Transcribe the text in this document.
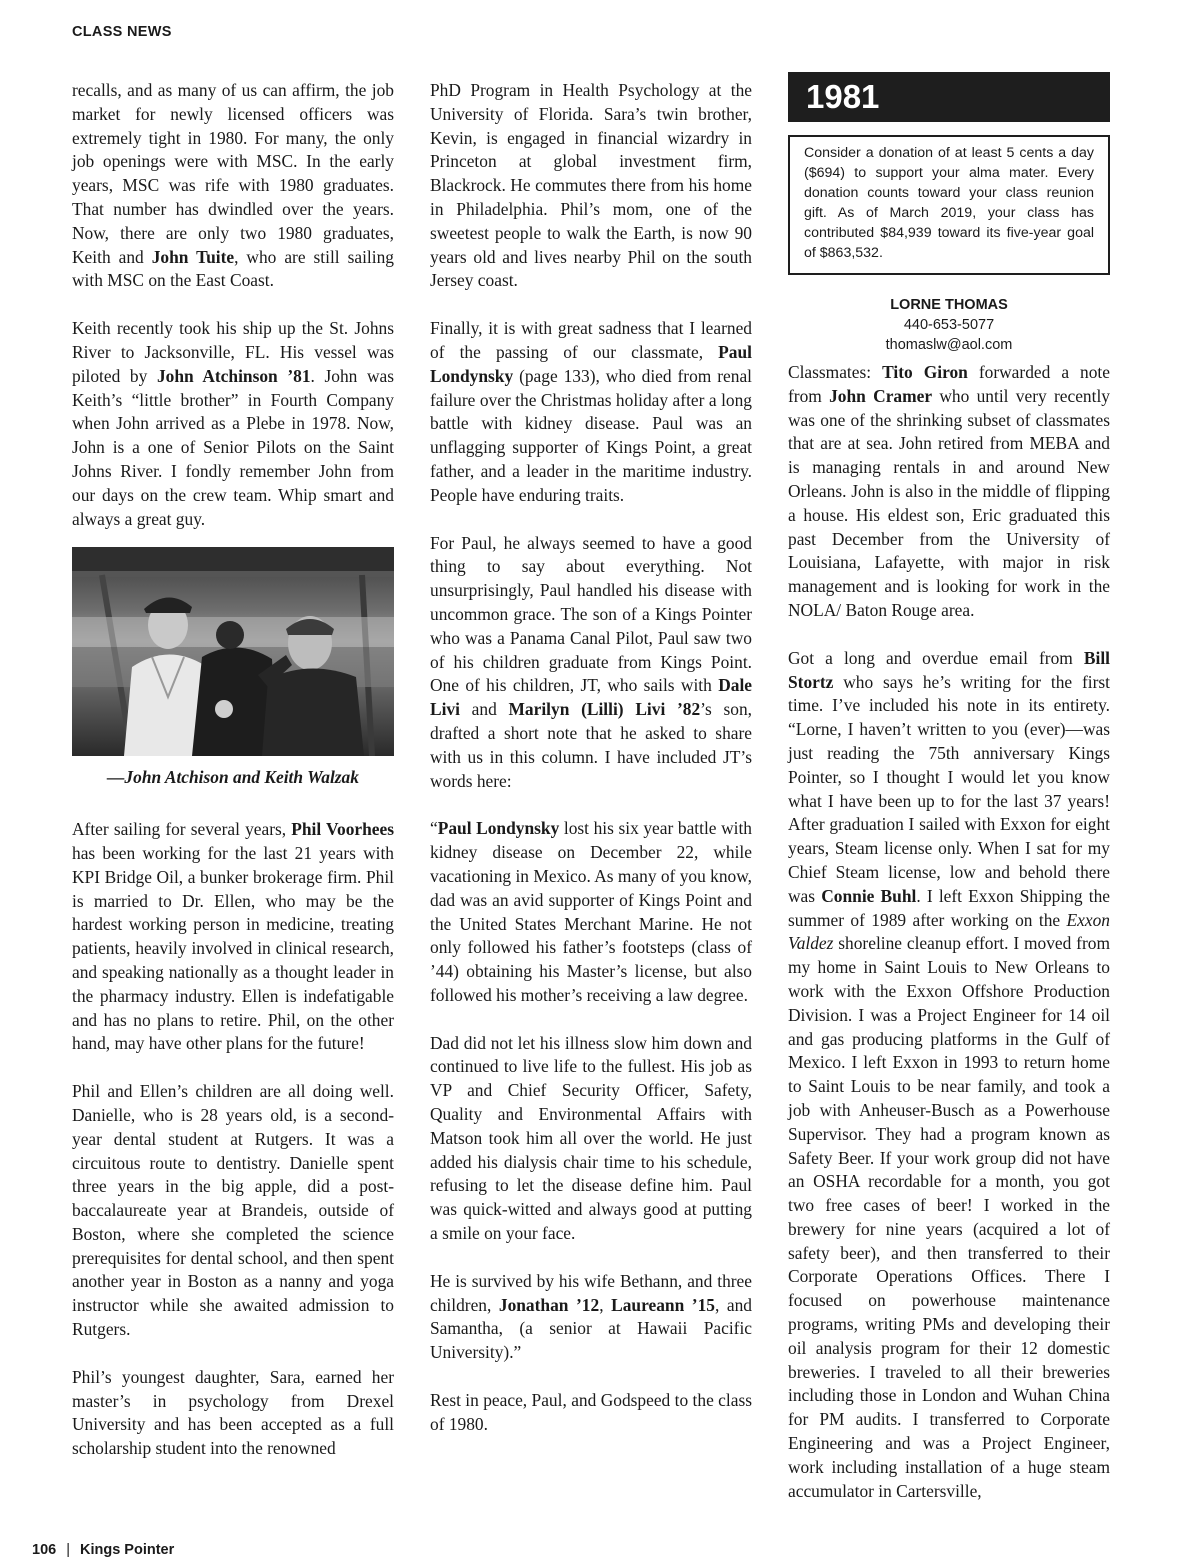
CLASS NEWS

recalls, and as many of us can affirm, the job market for newly licensed officers was extremely tight in 1980. For many, the only job openings were with MSC. In the early years, MSC was rife with 1980 graduates. That number has dwindled over the years. Now, there are only two 1980 graduates, Keith and John Tuite, who are still sailing with MSC on the East Coast.

Keith recently took his ship up the St. Johns River to Jacksonville, FL. His vessel was piloted by John Atchinson ’81. John was Keith’s “little brother” in Fourth Company when John arrived as a Plebe in 1978. Now, John is a one of Senior Pilots on the Saint Johns River. I fondly remember John from our days on the crew team. Whip smart and always a great guy.

—John Atchison and Keith Walzak

After sailing for several years, Phil Voorhees has been working for the last 21 years with KPI Bridge Oil, a bunker brokerage firm. Phil is married to Dr. Ellen, who may be the hardest working person in medicine, treating patients, heavily involved in clinical research, and speaking nationally as a thought leader in the pharmacy industry. Ellen is indefatigable and has no plans to retire. Phil, on the other hand, may have other plans for the future!

Phil and Ellen’s children are all doing well. Danielle, who is 28 years old, is a second-year dental student at Rutgers. It was a circuitous route to dentistry. Danielle spent three years in the big apple, did a post-baccalaureate year at Brandeis, outside of Boston, where she completed the science prerequisites for dental school, and then spent another year in Boston as a nanny and yoga instructor while she awaited admission to Rutgers.

Phil’s youngest daughter, Sara, earned her master’s in psychology from Drexel University and has been accepted as a full scholarship student into the renowned

PhD Program in Health Psychology at the University of Florida. Sara’s twin brother, Kevin, is engaged in financial wizardry in Princeton at global investment firm, Blackrock. He commutes there from his home in Philadelphia. Phil’s mom, one of the sweetest people to walk the Earth, is now 90 years old and lives nearby Phil on the south Jersey coast.

Finally, it is with great sadness that I learned of the passing of our classmate, Paul Londynsky (page 133), who died from renal failure over the Christmas holiday after a long battle with kidney disease. Paul was an unflagging supporter of Kings Point, a great father, and a leader in the maritime industry. People have enduring traits.

For Paul, he always seemed to have a good thing to say about everything. Not unsurprisingly, Paul handled his disease with uncommon grace. The son of a Kings Pointer who was a Panama Canal Pilot, Paul saw two of his children graduate from Kings Point. One of his children, JT, who sails with Dale Livi and Marilyn (Lilli) Livi ’82’s son, drafted a short note that he asked to share with us in this column. I have included JT’s words here:

“Paul Londynsky lost his six year battle with kidney disease on December 22, while vacationing in Mexico. As many of you know, dad was an avid supporter of Kings Point and the United States Merchant Marine. He not only followed his father’s footsteps (class of ’44) obtaining his Master’s license, but also followed his mother’s receiving a law degree.

Dad did not let his illness slow him down and continued to live life to the fullest. His job as VP and Chief Security Officer, Safety, Quality and Environmental Affairs with Matson took him all over the world. He just added his dialysis chair time to his schedule, refusing to let the disease define him. Paul was quick-witted and always good at putting a smile on your face.

He is survived by his wife Bethann, and three children, Jonathan ’12, Laureann ’15, and Samantha, (a senior at Hawaii Pacific University).”

Rest in peace, Paul, and Godspeed to the class of 1980.

1981
Consider a donation of at least 5 cents a day ($694) to support your alma mater. Every donation counts toward your class reunion gift. As of March 2019, your class has contributed $84,939 toward its five-year goal of $863,532.
LORNE THOMAS
440-653-5077
thomaslw@aol.com

Classmates: Tito Giron forwarded a note from John Cramer who until very recently was one of the shrinking subset of classmates that are at sea. John retired from MEBA and is managing rentals in and around New Orleans. John is also in the middle of flipping a house. His eldest son, Eric graduated this past December from the University of Louisiana, Lafayette, with major in risk management and is looking for work in the NOLA/ Baton Rouge area.

Got a long and overdue email from Bill Stortz who says he’s writing for the first time. I’ve included his note in its entirety. “Lorne, I haven’t written to you (ever)—was just reading the 75th anniversary Kings Pointer, so I thought I would let you know what I have been up to for the last 37 years! After graduation I sailed with Exxon for eight years, Steam license only. When I sat for my Chief Steam license, low and behold there was Connie Buhl. I left Exxon Shipping the summer of 1989 after working on the Exxon Valdez shoreline cleanup effort. I moved from my home in Saint Louis to New Orleans to work with the Exxon Offshore Production Division. I was a Project Engineer for 14 oil and gas producing platforms in the Gulf of Mexico. I left Exxon in 1993 to return home to Saint Louis to be near family, and took a job with Anheuser-Busch as a Powerhouse Supervisor. They had a program known as Safety Beer. If your work group did not have an OSHA recordable for a month, you got two free cases of beer! I worked in the brewery for nine years (acquired a lot of safety beer), and then transferred to their Corporate Operations Offices. There I focused on powerhouse maintenance programs, writing PMs and developing their oil analysis program for their 12 domestic breweries. I traveled to all their breweries including those in London and Wuhan China for PM audits. I transferred to Corporate Engineering and was a Project Engineer, work including installation of a huge steam accumulator in Cartersville,

106 | Kings Pointer
